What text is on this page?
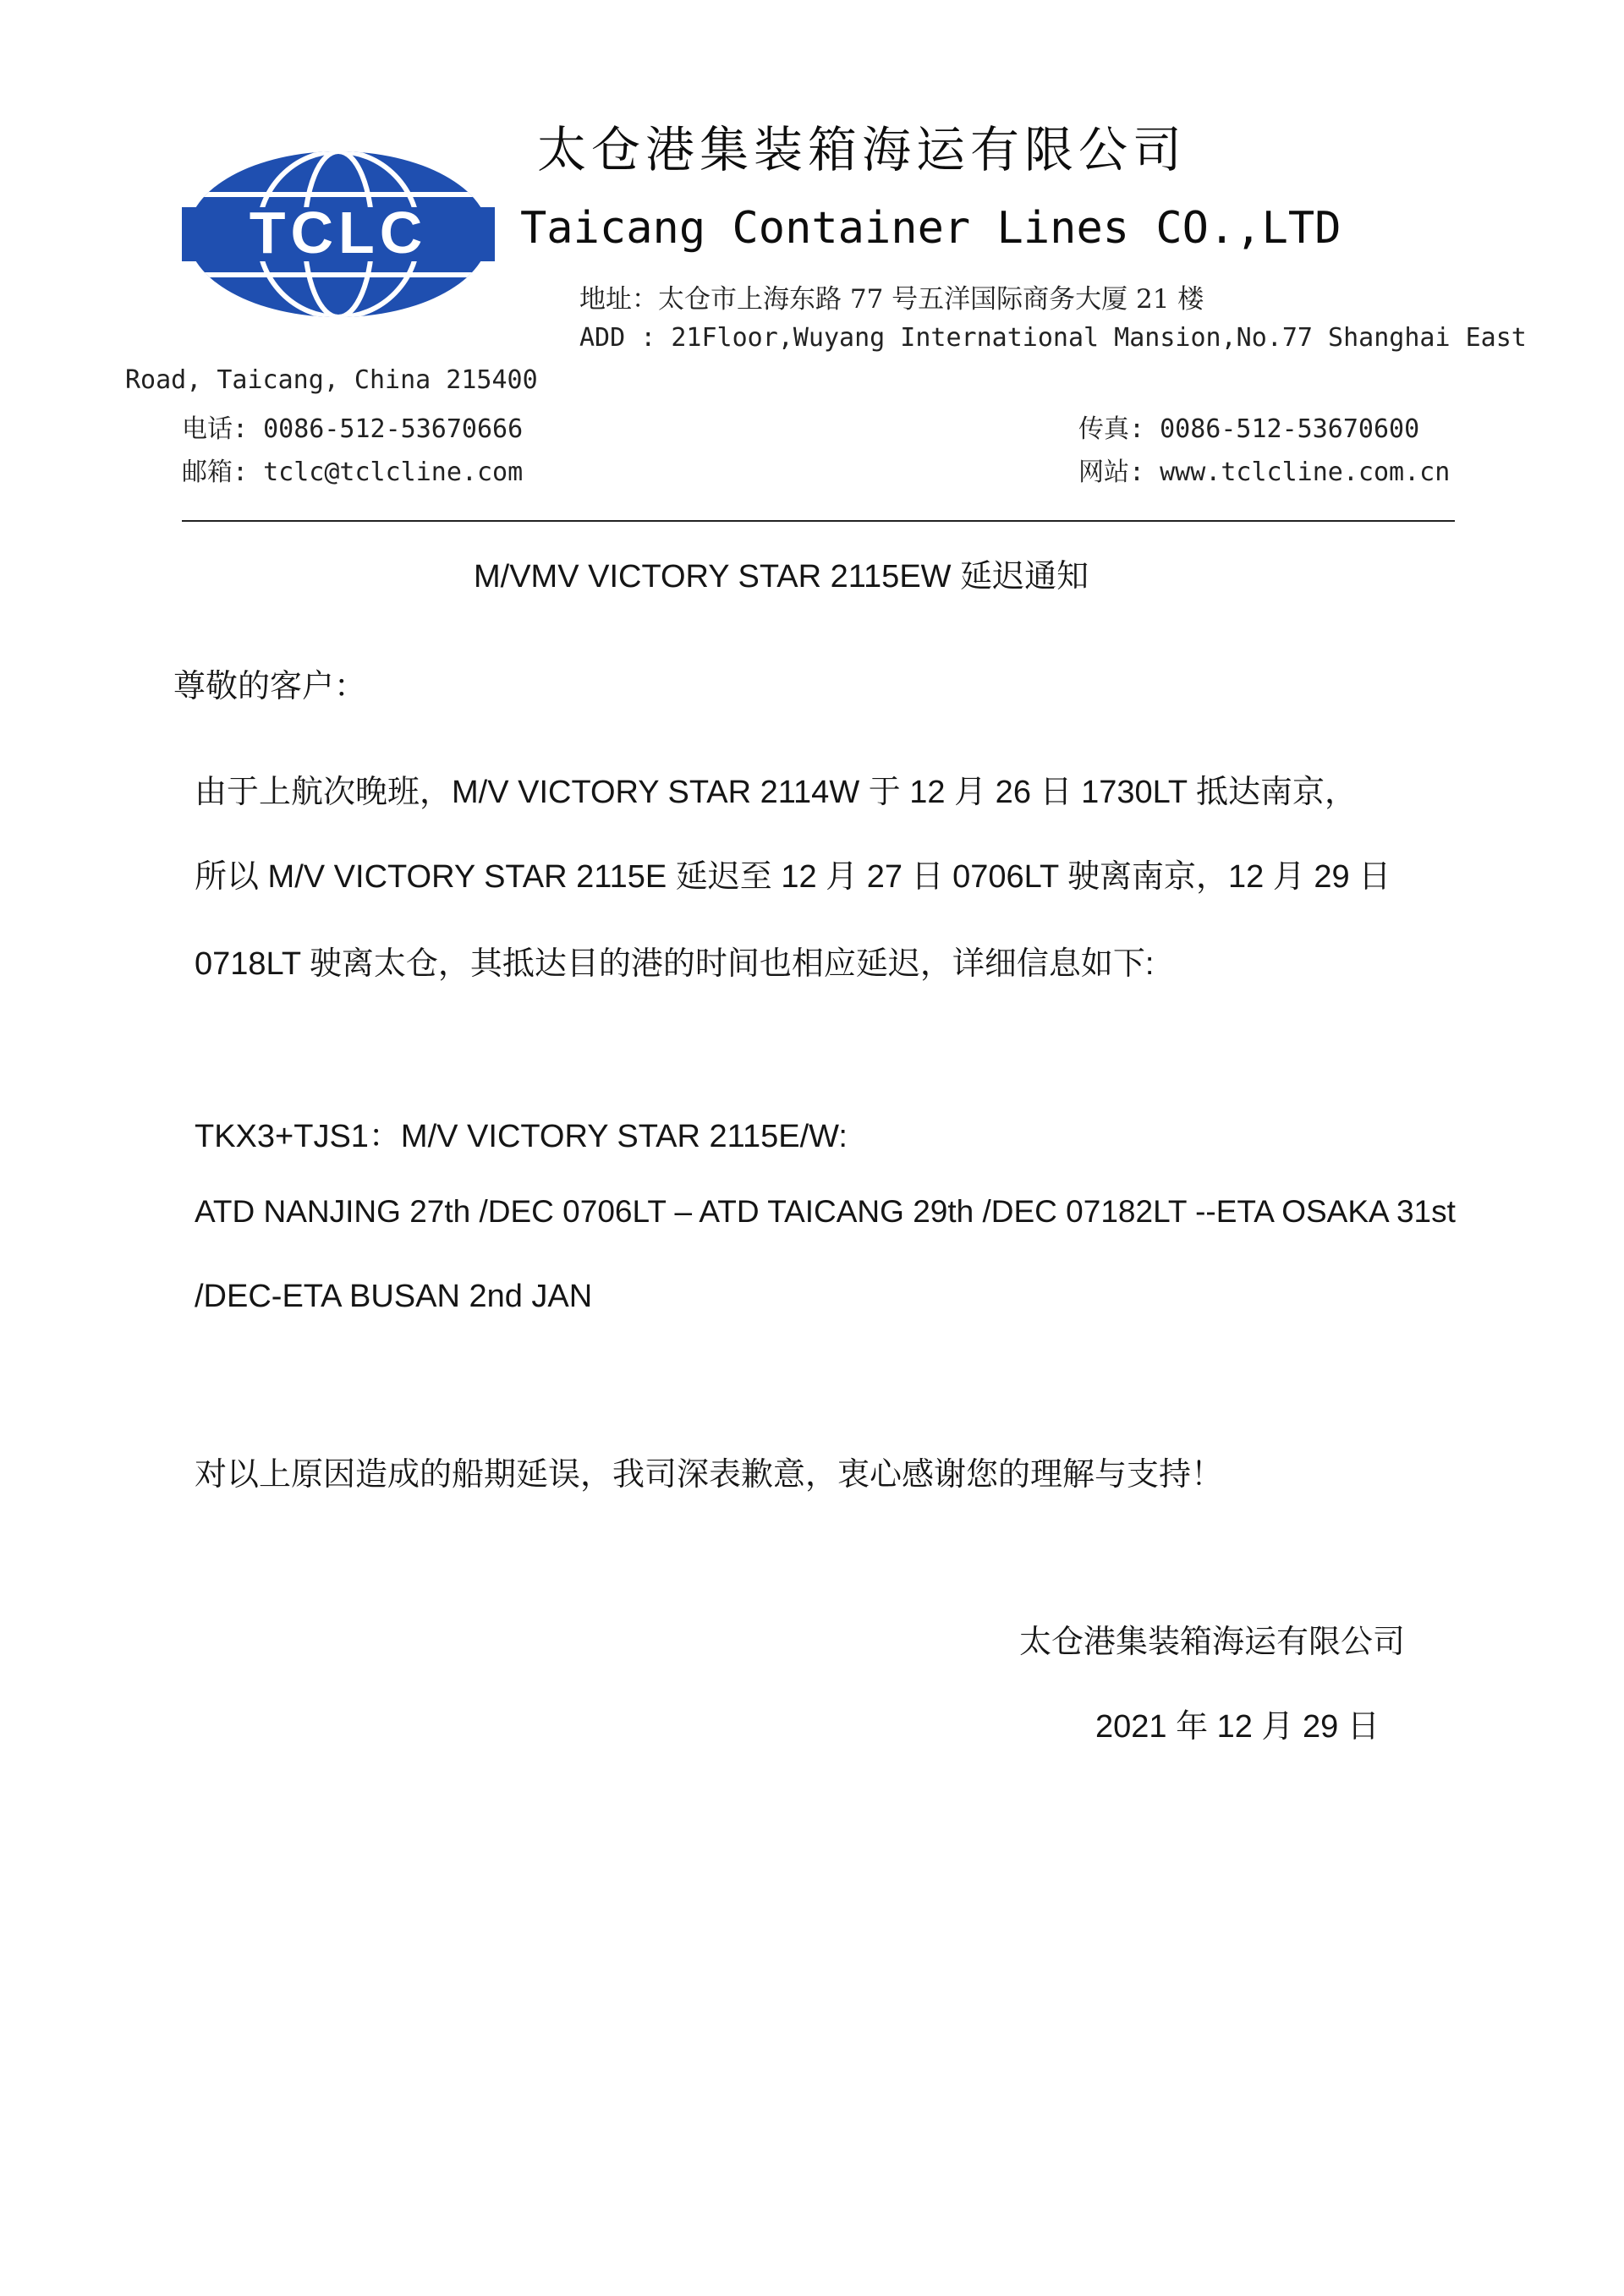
TCLC
太仓港集装箱海运有限公司
Taicang Container Lines CO.,LTD
地址：太仓市上海东路 77 号五洋国际商务大厦 21 楼
ADD : 21Floor,Wuyang International Mansion,No.77 Shanghai East
Road, Taicang, China 215400
电话: 0086-512-53670666	传真: 0086-512-53670600
邮箱: tclc@tclcline.com	网站: www.tclcline.com.cn
M/VMV VICTORY STAR 2115EW 延迟通知
尊敬的客户：
由于上航次晚班，M/V VICTORY STAR 2114W 于 12 月 26 日 1730LT 抵达南京，
所以 M/V VICTORY STAR 2115E 延迟至 12 月 27 日 0706LT 驶离南京，12 月 29 日
0718LT 驶离太仓，其抵达目的港的时间也相应延迟，详细信息如下:
TKX3+TJS1：M/V VICTORY STAR 2115E/W:
ATD NANJING 27th /DEC 0706LT – ATD TAICANG 29th /DEC 07182LT --ETA OSAKA 31st
/DEC-ETA BUSAN 2nd JAN
对以上原因造成的船期延误，我司深表歉意，衷心感谢您的理解与支持！
太仓港集装箱海运有限公司
2021 年 12 月 29 日
